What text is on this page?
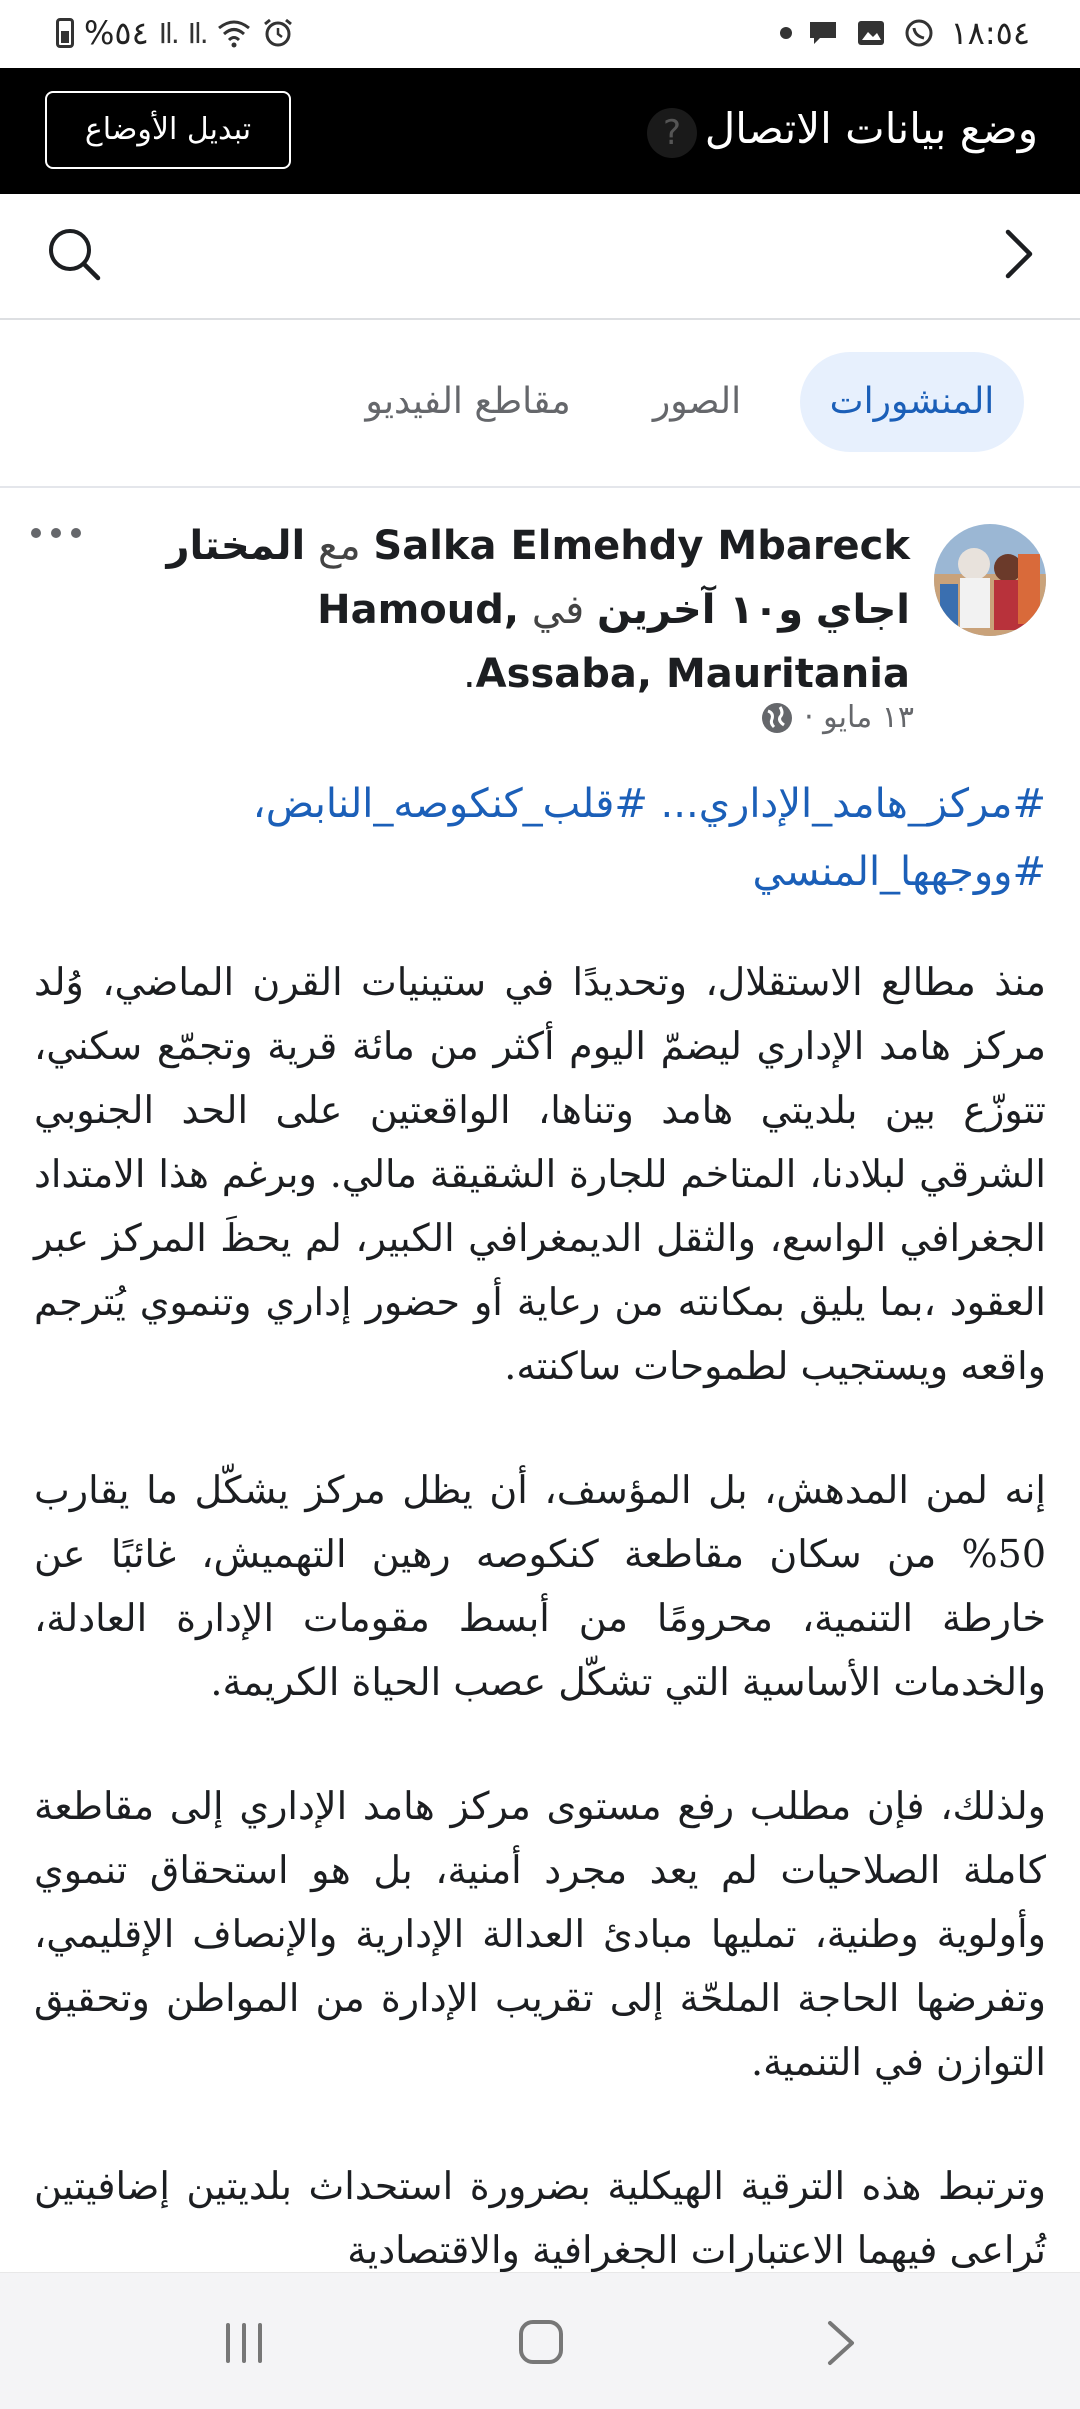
%٥٤ Il. Il.	١٨:٥٤
وضع بيانات الاتصال
?
تبديل الأوضاع
المنشورات
الصور
مقاطع الفيديو
Salka Elmehdy Mbareck مع المختار اجاي و١٠ آخرين في Hamoud, Assaba, Mauritania.
١٣ مايو ·
#مركز_هامد_الإداري... #قلب_كنكوصه_النابض، #ووجهها_المنسي

منذ مطالع الاستقلال، وتحديدًا في ستينيات القرن الماضي، وُلد مركز هامد الإداري ليضمّ اليوم أكثر من مائة قرية وتجمّع سكني، تتوزّع بين بلديتي هامد وتناها، الواقعتين على الحد الجنوبي الشرقي لبلادنا، المتاخم للجارة الشقيقة مالي. وبرغم هذا الامتداد الجغرافي الواسع، والثقل الديمغرافي الكبير، لم يحظَ المركز عبر العقود ،بما يليق بمكانته من رعاية أو حضور إداري وتنموي يُترجم واقعه ويستجيب لطموحات ساكنته.

إنه لمن المدهش، بل المؤسف، أن يظل مركز يشكّل ما يقارب 50% من سكان مقاطعة كنكوصه رهين التهميش، غائبًا عن خارطة التنمية، محرومًا من أبسط مقومات الإدارة العادلة، والخدمات الأساسية التي تشكّل عصب الحياة الكريمة.

ولذلك، فإن مطلب رفع مستوى مركز هامد الإداري إلى مقاطعة كاملة الصلاحيات لم يعد مجرد أمنية، بل هو استحقاق تنموي وأولوية وطنية، تمليها مبادئ العدالة الإدارية والإنصاف الإقليمي، وتفرضها الحاجة الملحّة إلى تقريب الإدارة من المواطن وتحقيق التوازن في التنمية.

وترتبط هذه الترقية الهيكلية بضرورة استحداث بلديتين إضافيتين تُراعى فيهما الاعتبارات الجغرافية والاقتصادية
